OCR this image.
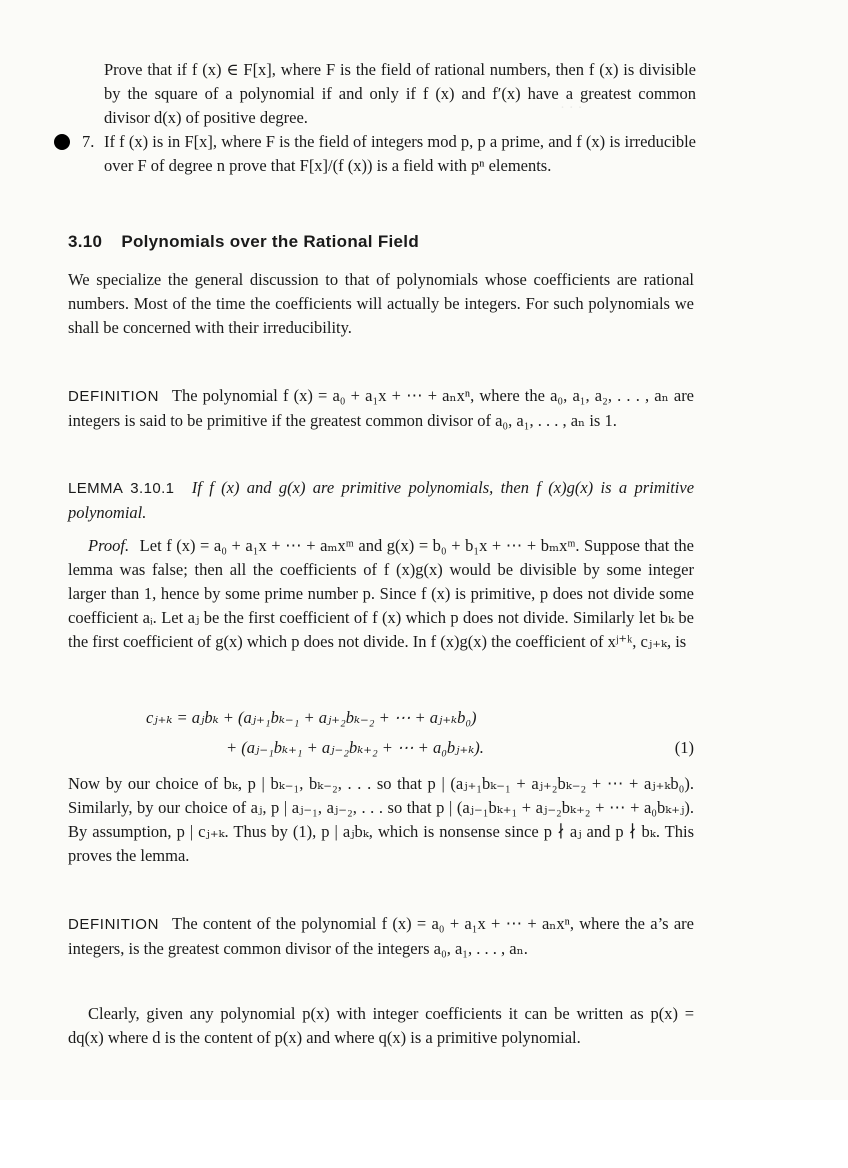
· · ·

Prove that if f (x) ∈ F[x], where F is the field of rational numbers, then f (x) is divisible by the square of a polynomial if and only if f (x) and f′(x) have a greatest common divisor d(x) of positive degree.

7. If f (x) is in F[x], where F is the field of integers mod p, p a prime, and f (x) is irreducible over F of degree n prove that F[x]/(f (x)) is a field with pⁿ elements.

3.10 Polynomials over the Rational Field

We specialize the general discussion to that of polynomials whose coefficients are rational numbers. Most of the time the coefficients will actually be integers. For such polynomials we shall be concerned with their irreducibility.

DEFINITION The polynomial f (x) = a₀ + a₁x + ⋯ + aₙxⁿ, where the a₀, a₁, a₂, . . . , aₙ are integers is said to be primitive if the greatest common divisor of a₀, a₁, . . . , aₙ is 1.

LEMMA 3.10.1 If f (x) and g(x) are primitive polynomials, then f (x)g(x) is a primitive polynomial.

Proof. Let f (x) = a₀ + a₁x + ⋯ + aₘxᵐ and g(x) = b₀ + b₁x + ⋯ + bₘxᵐ. Suppose that the lemma was false; then all the coefficients of f (x)g(x) would be divisible by some integer larger than 1, hence by some prime number p. Since f (x) is primitive, p does not divide some coefficient aᵢ. Let aⱼ be the first coefficient of f (x) which p does not divide. Similarly let bₖ be the first coefficient of g(x) which p does not divide. In f (x)g(x) the coefficient of xʲ⁺ᵏ, cⱼ₊ₖ, is

cⱼ₊ₖ = aⱼbₖ + (aⱼ₊₁bₖ₋₁ + aⱼ₊₂bₖ₋₂ + ⋯ + aⱼ₊ₖb₀)
+ (aⱼ₋₁bₖ₊₁ + aⱼ₋₂bₖ₊₂ + ⋯ + a₀bⱼ₊ₖ).	(1)

Now by our choice of bₖ, p | bₖ₋₁, bₖ₋₂, . . . so that p | (aⱼ₊₁bₖ₋₁ + aⱼ₊₂bₖ₋₂ + ⋯ + aⱼ₊ₖb₀). Similarly, by our choice of aⱼ, p | aⱼ₋₁, aⱼ₋₂, . . . so that p | (aⱼ₋₁bₖ₊₁ + aⱼ₋₂bₖ₊₂ + ⋯ + a₀bₖ₊ⱼ). By assumption, p | cⱼ₊ₖ. Thus by (1), p | aⱼbₖ, which is nonsense since p ∤ aⱼ and p ∤ bₖ. This proves the lemma.

DEFINITION The content of the polynomial f (x) = a₀ + a₁x + ⋯ + aₙxⁿ, where the a’s are integers, is the greatest common divisor of the integers a₀, a₁, . . . , aₙ.

Clearly, given any polynomial p(x) with integer coefficients it can be written as p(x) = dq(x) where d is the content of p(x) and where q(x) is a primitive polynomial.
